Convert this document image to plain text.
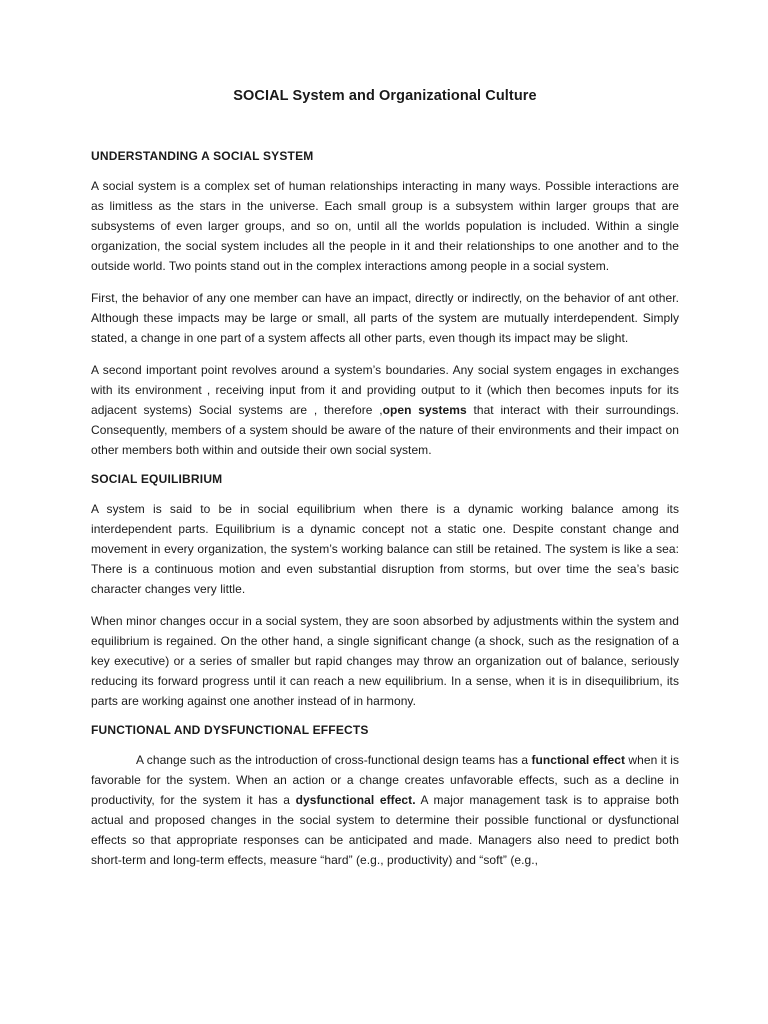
SOCIAL System and Organizational Culture
UNDERSTANDING A SOCIAL SYSTEM

A social system is a complex set of human relationships interacting in many ways. Possible interactions are as limitless as the stars in the universe. Each small group is a subsystem within larger groups that are subsystems of even larger groups, and so on, until all the worlds population is included. Within a single organization, the social system includes all the people in it and their relationships to one another and to the outside world. Two points stand out in the complex interactions among people in a social system.

First, the behavior of any one member can have an impact, directly or indirectly, on the behavior of ant other. Although these impacts may be large or small, all parts of the system are mutually interdependent. Simply stated, a change in one part of a system affects all other parts, even though its impact may be slight.

A second important point revolves around a system’s boundaries. Any social system engages in exchanges with its environment , receiving input from it and providing output to it (which then becomes inputs for its adjacent systems) Social systems are , therefore ,open systems that interact with their surroundings. Consequently, members of a system should be aware of the nature of their environments and their impact on other members both within and outside their own social system.

SOCIAL EQUILIBRIUM

A system is said to be in social equilibrium when there is a dynamic working balance among its interdependent parts. Equilibrium is a dynamic concept not a static one. Despite constant change and movement in every organization, the system’s working balance can still be retained. The system is like a sea: There is a continuous motion and even substantial disruption from storms, but over time the sea’s basic character changes very little.

When minor changes occur in a social system, they are soon absorbed by adjustments within the system and equilibrium is regained. On the other hand, a single significant change (a shock, such as the resignation of a key executive) or a series of smaller but rapid changes may throw an organization out of balance, seriously reducing its forward progress until it can reach a new equilibrium. In a sense, when it is in disequilibrium, its parts are working against one another instead of in harmony.

FUNCTIONAL AND DYSFUNCTIONAL EFFECTS

A change such as the introduction of cross-functional design teams has a functional effect when it is favorable for the system. When an action or a change creates unfavorable effects, such as a decline in productivity, for the system it has a dysfunctional effect. A major management task is to appraise both actual and proposed changes in the social system to determine their possible functional or dysfunctional effects so that appropriate responses can be anticipated and made. Managers also need to predict both short-term and long-term effects, measure “hard” (e.g., productivity) and “soft” (e.g.,
